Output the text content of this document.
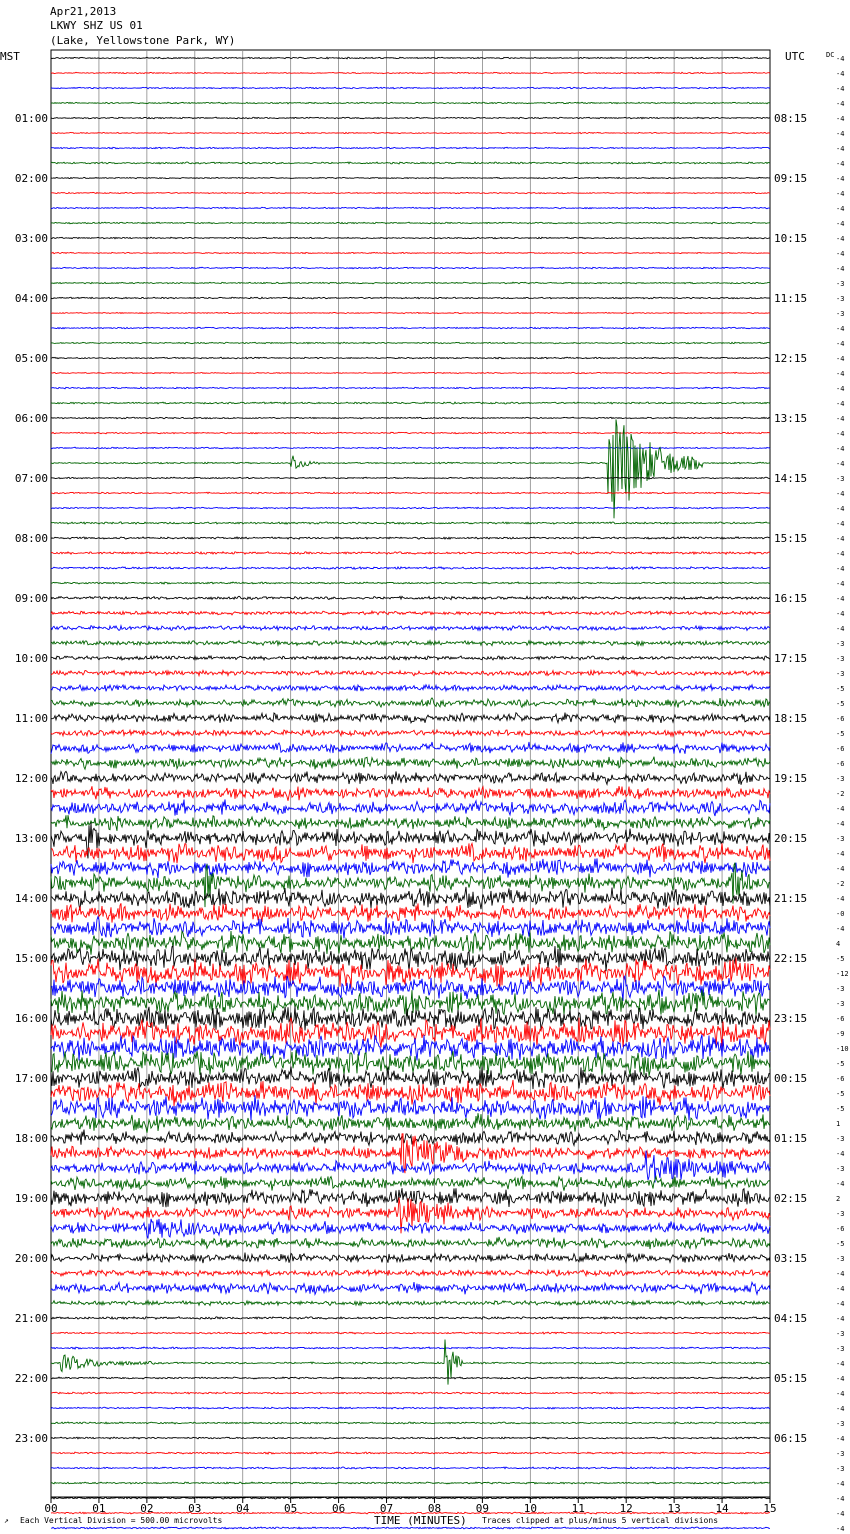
Apr21,2013
LKWY SHZ US 01
(Lake, Yellowstone Park, WY)
00	01	02	03	04	05	06	07	08	09	10	11	12	13	14	15
MST	UTC	DC -4
-4
-4
-4
-4
-4
-4
-4
-4
-4
-4
-4
-4
-4
-4
-3
-3
-3
-4
-4
-4
-4
-4
-4
-4
-4
-4
-4
-3
-4
-4
-4
-4
-4
-4
-4
-4
-4
-4
-3
-3
-3
-5
-5
-6
-5
-6
-6
-3
-2
-4
-4
-3
-4
-4
-2
-4
-0
-4
4
-5
-12
-3
-3
-6
-9
-10
-5
-6
-5
-5
1
-3
-4
-3
-4
2
-3
-6
-5
-3
-4
-4
-4
-4
-3
-3
-4
-4
-4
-4
-3
-4
-3
-3
-4
-4
-4
-4
01:00
02:00
03:00
04:00
05:00
06:00
07:00
08:00
09:00
10:00
11:00
12:00
13:00
14:00
15:00
16:00
17:00
18:00
19:00
20:00
21:00
22:00
23:00
08:15
09:15
10:15
11:15
12:15
13:15
14:15
15:15
16:15
17:15
18:15
19:15
20:15
21:15
22:15
23:15
00:15
01:15
02:15
03:15
04:15
05:15
06:15
↗ Each Vertical Division = 500.00 microvolts	TIME (MINUTES) Traces clipped at plus/minus 5 vertical divisions
